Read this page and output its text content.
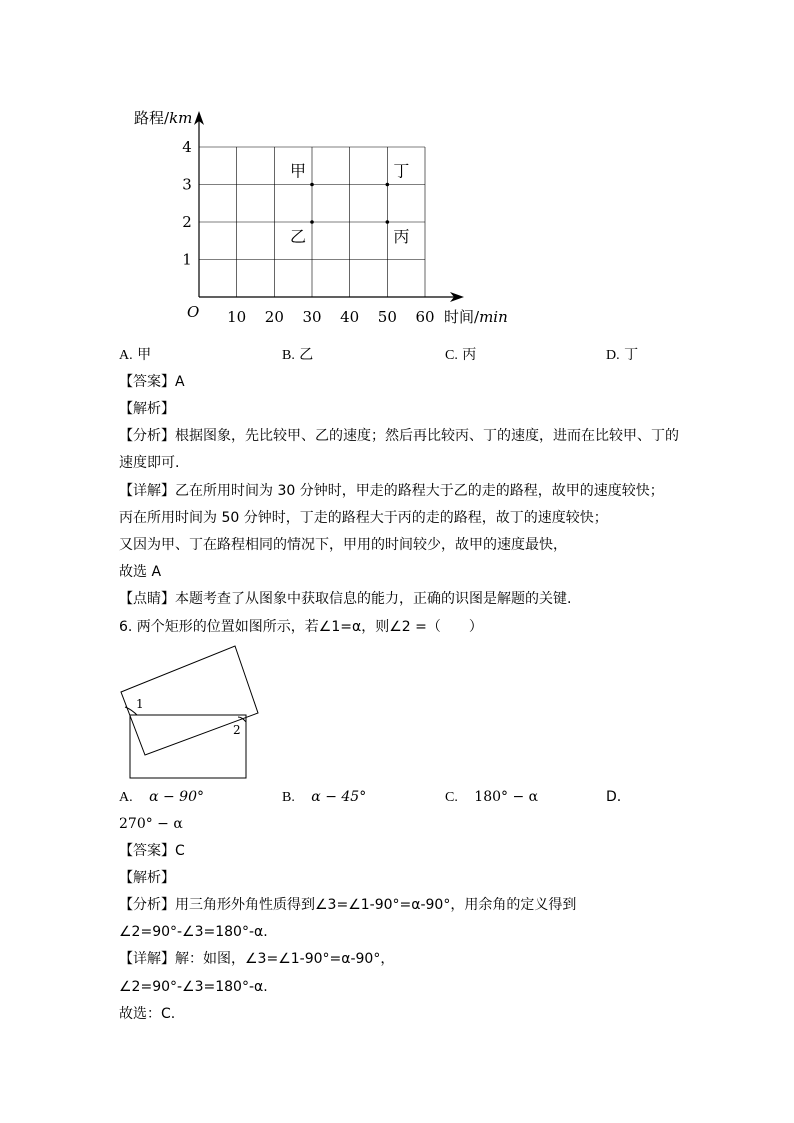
10 20 30 40 50 60
1
2
3
4
甲
乙	丙
丁
路程/km
时间/min
O
A. 甲	B. 乙	C. 丙	D. 丁
【答案】A
【解析】
【分析】根据图象，先比较甲、乙的速度；然后再比较丙、丁的速度，进而在比较甲、丁的
速度即可.
【详解】乙在所用时间为 30 分钟时，甲走的路程大于乙的走的路程，故甲的速度较快；
丙在所用时间为 50 分钟时，丁走的路程大于丙的走的路程，故丁的速度较快；
又因为甲、丁在路程相同的情况下，甲用的时间较少，故甲的速度最快，
故选 A
【点睛】本题考查了从图象中获取信息的能力，正确的识图是解题的关键.
6. 两个矩形的位置如图所示，若∠1=α，则∠2 =（　　）
1
2
A. α − 90°	B. α − 45°	C. 180° − α	D.
270° − α
【答案】C
【解析】
【分析】用三角形外角性质得到∠3=∠1-90°=α-90°，用余角的定义得到
∠2=90°-∠3=180°-α.
【详解】解：如图，∠3=∠1-90°=α-90°，
∠2=90°-∠3=180°-α.
故选：C.
